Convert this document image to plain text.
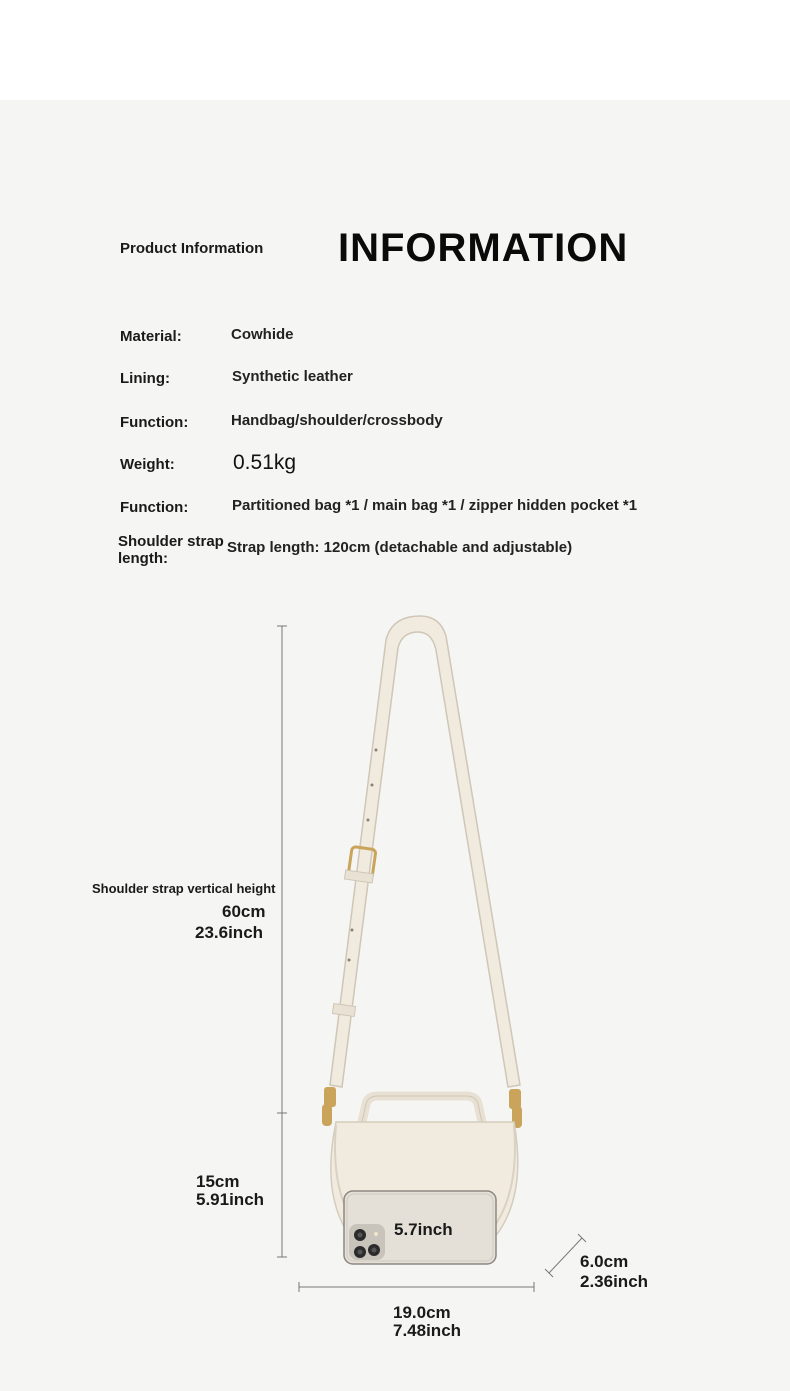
Product Information INFORMATION
Material:	Cowhide
Lining:	Synthetic leather
Function:	Handbag/shoulder/crossbody
Weight:	0.51kg
Function:	Partitioned bag *1 / main bag *1 / zipper hidden pocket *1
Shoulder strap
length:
Strap length: 120cm (detachable and adjustable)
Shoulder strap vertical height
60cm
23.6inch
15cm
5.91inch
5.7inch
6.0cm
2.36inch
19.0cm
7.48inch
